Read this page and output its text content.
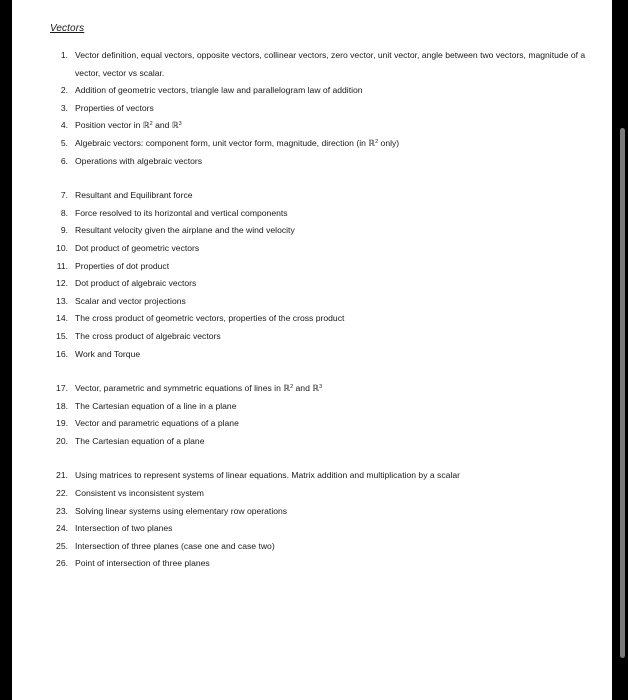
Vectors
1. Vector definition, equal vectors, opposite vectors, collinear vectors, zero vector, unit vector, angle between two vectors, magnitude of a vector, vector vs scalar.
2. Addition of geometric vectors, triangle law and parallelogram law of addition
3. Properties of vectors
4. Position vector in ℝ$^2$ and ℝ$^3$
5. Algebraic vectors: component form, unit vector form, magnitude, direction (in ℝ$^2$ only)
6. Operations with algebraic vectors
7. Resultant and Equilibrant force
8. Force resolved to its horizontal and vertical components
9. Resultant velocity given the airplane and the wind velocity
10. Dot product of geometric vectors
11. Properties of dot product
12. Dot product of algebraic vectors
13. Scalar and vector projections
14. The cross product of geometric vectors, properties of the cross product
15. The cross product of algebraic vectors
16. Work and Torque
17. Vector, parametric and symmetric equations of lines in ℝ$^2$ and ℝ$^3$
18. The Cartesian equation of a line in a plane
19. Vector and parametric equations of a plane
20. The Cartesian equation of a plane
21. Using matrices to represent systems of linear equations. Matrix addition and multiplication by a scalar
22. Consistent vs inconsistent system
23. Solving linear systems using elementary row operations
24. Intersection of two planes
25. Intersection of three planes (case one and case two)
26. Point of intersection of three planes
